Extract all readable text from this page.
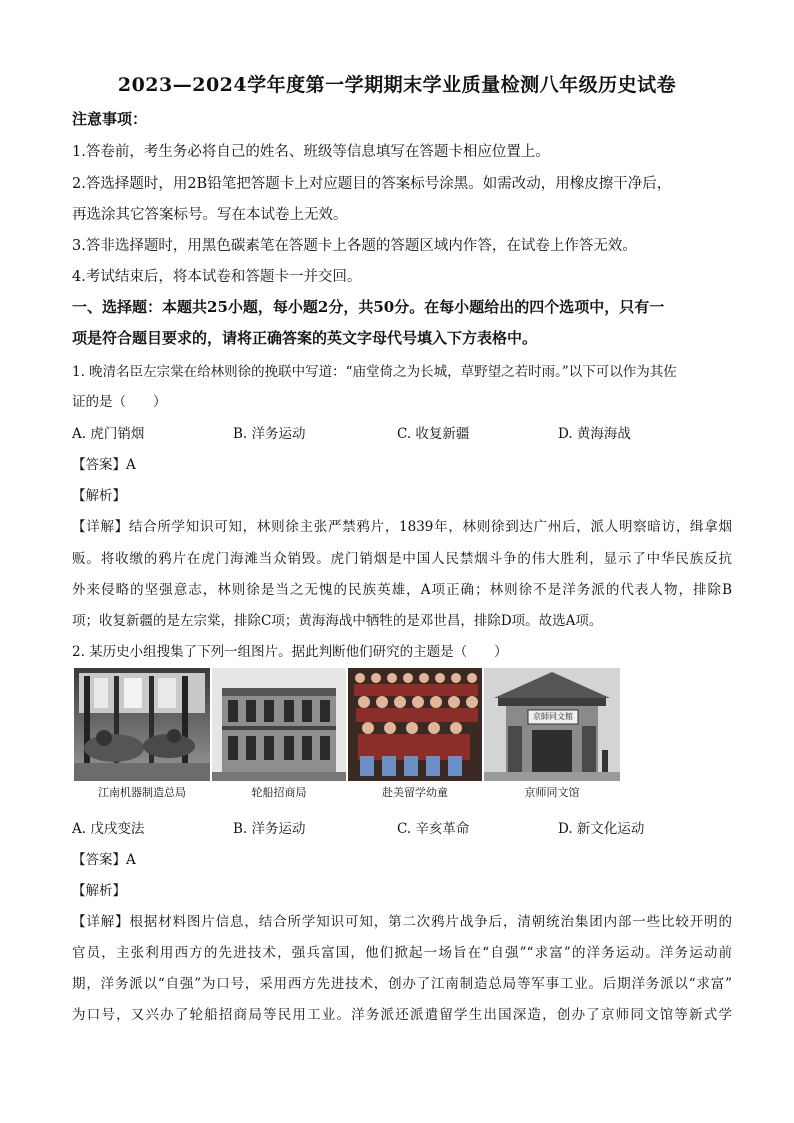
2023—2024学年度第一学期期末学业质量检测八年级历史试卷
注意事项：
1.答卷前，考生务必将自己的姓名、班级等信息填写在答题卡相应位置上。
2.答选择题时，用2B铅笔把答题卡上对应题目的答案标号涂黑。如需改动，用橡皮擦干净后，
再选涂其它答案标号。写在本试卷上无效。
3.答非选择题时，用黑色碳素笔在答题卡上各题的答题区域内作答，在试卷上作答无效。
4.考试结束后，将本试卷和答题卡一并交回。
一、选择题：本题共25小题，每小题2分，共50分。在每小题给出的四个选项中，只有一
项是符合题目要求的，请将正确答案的英文字母代号填入下方表格中。
1. 晚清名臣左宗棠在给林则徐的挽联中写道：“庙堂倚之为长城，草野望之若时雨。”以下可以作为其佐
证的是（　　）
A. 虎门销烟	B. 洋务运动	C. 收复新疆	D. 黄海海战
【答案】A
【解析】
【详解】结合所学知识可知，林则徐主张严禁鸦片，1839年，林则徐到达广州后，派人明察暗访，缉拿烟
贩。将收缴的鸦片在虎门海滩当众销毁。虎门销烟是中国人民禁烟斗争的伟大胜利，显示了中华民族反抗
外来侵略的坚强意志，林则徐是当之无愧的民族英雄，A项正确；林则徐不是洋务派的代表人物，排除B
项；收复新疆的是左宗棠，排除C项；黄海海战中牺牲的是邓世昌，排除D项。故选A项。
2. 某历史小组搜集了下列一组图片。据此判断他们研究的主题是（　　）
江南机器制造总局	轮船招商局	赴美留学幼童
京師同文館
京师同文馆
A. 戊戌变法	B. 洋务运动	C. 辛亥革命	D. 新文化运动
【答案】A
【解析】
【详解】根据材料图片信息，结合所学知识可知，第二次鸦片战争后，清朝统治集团内部一些比较开明的
官员，主张利用西方的先进技术，强兵富国，他们掀起一场旨在“自强”“求富”的洋务运动。洋务运动前
期，洋务派以“自强”为口号，采用西方先进技术，创办了江南制造总局等军事工业。后期洋务派以“求富”
为口号，又兴办了轮船招商局等民用工业。洋务派还派遣留学生出国深造，创办了京师同文馆等新式学
